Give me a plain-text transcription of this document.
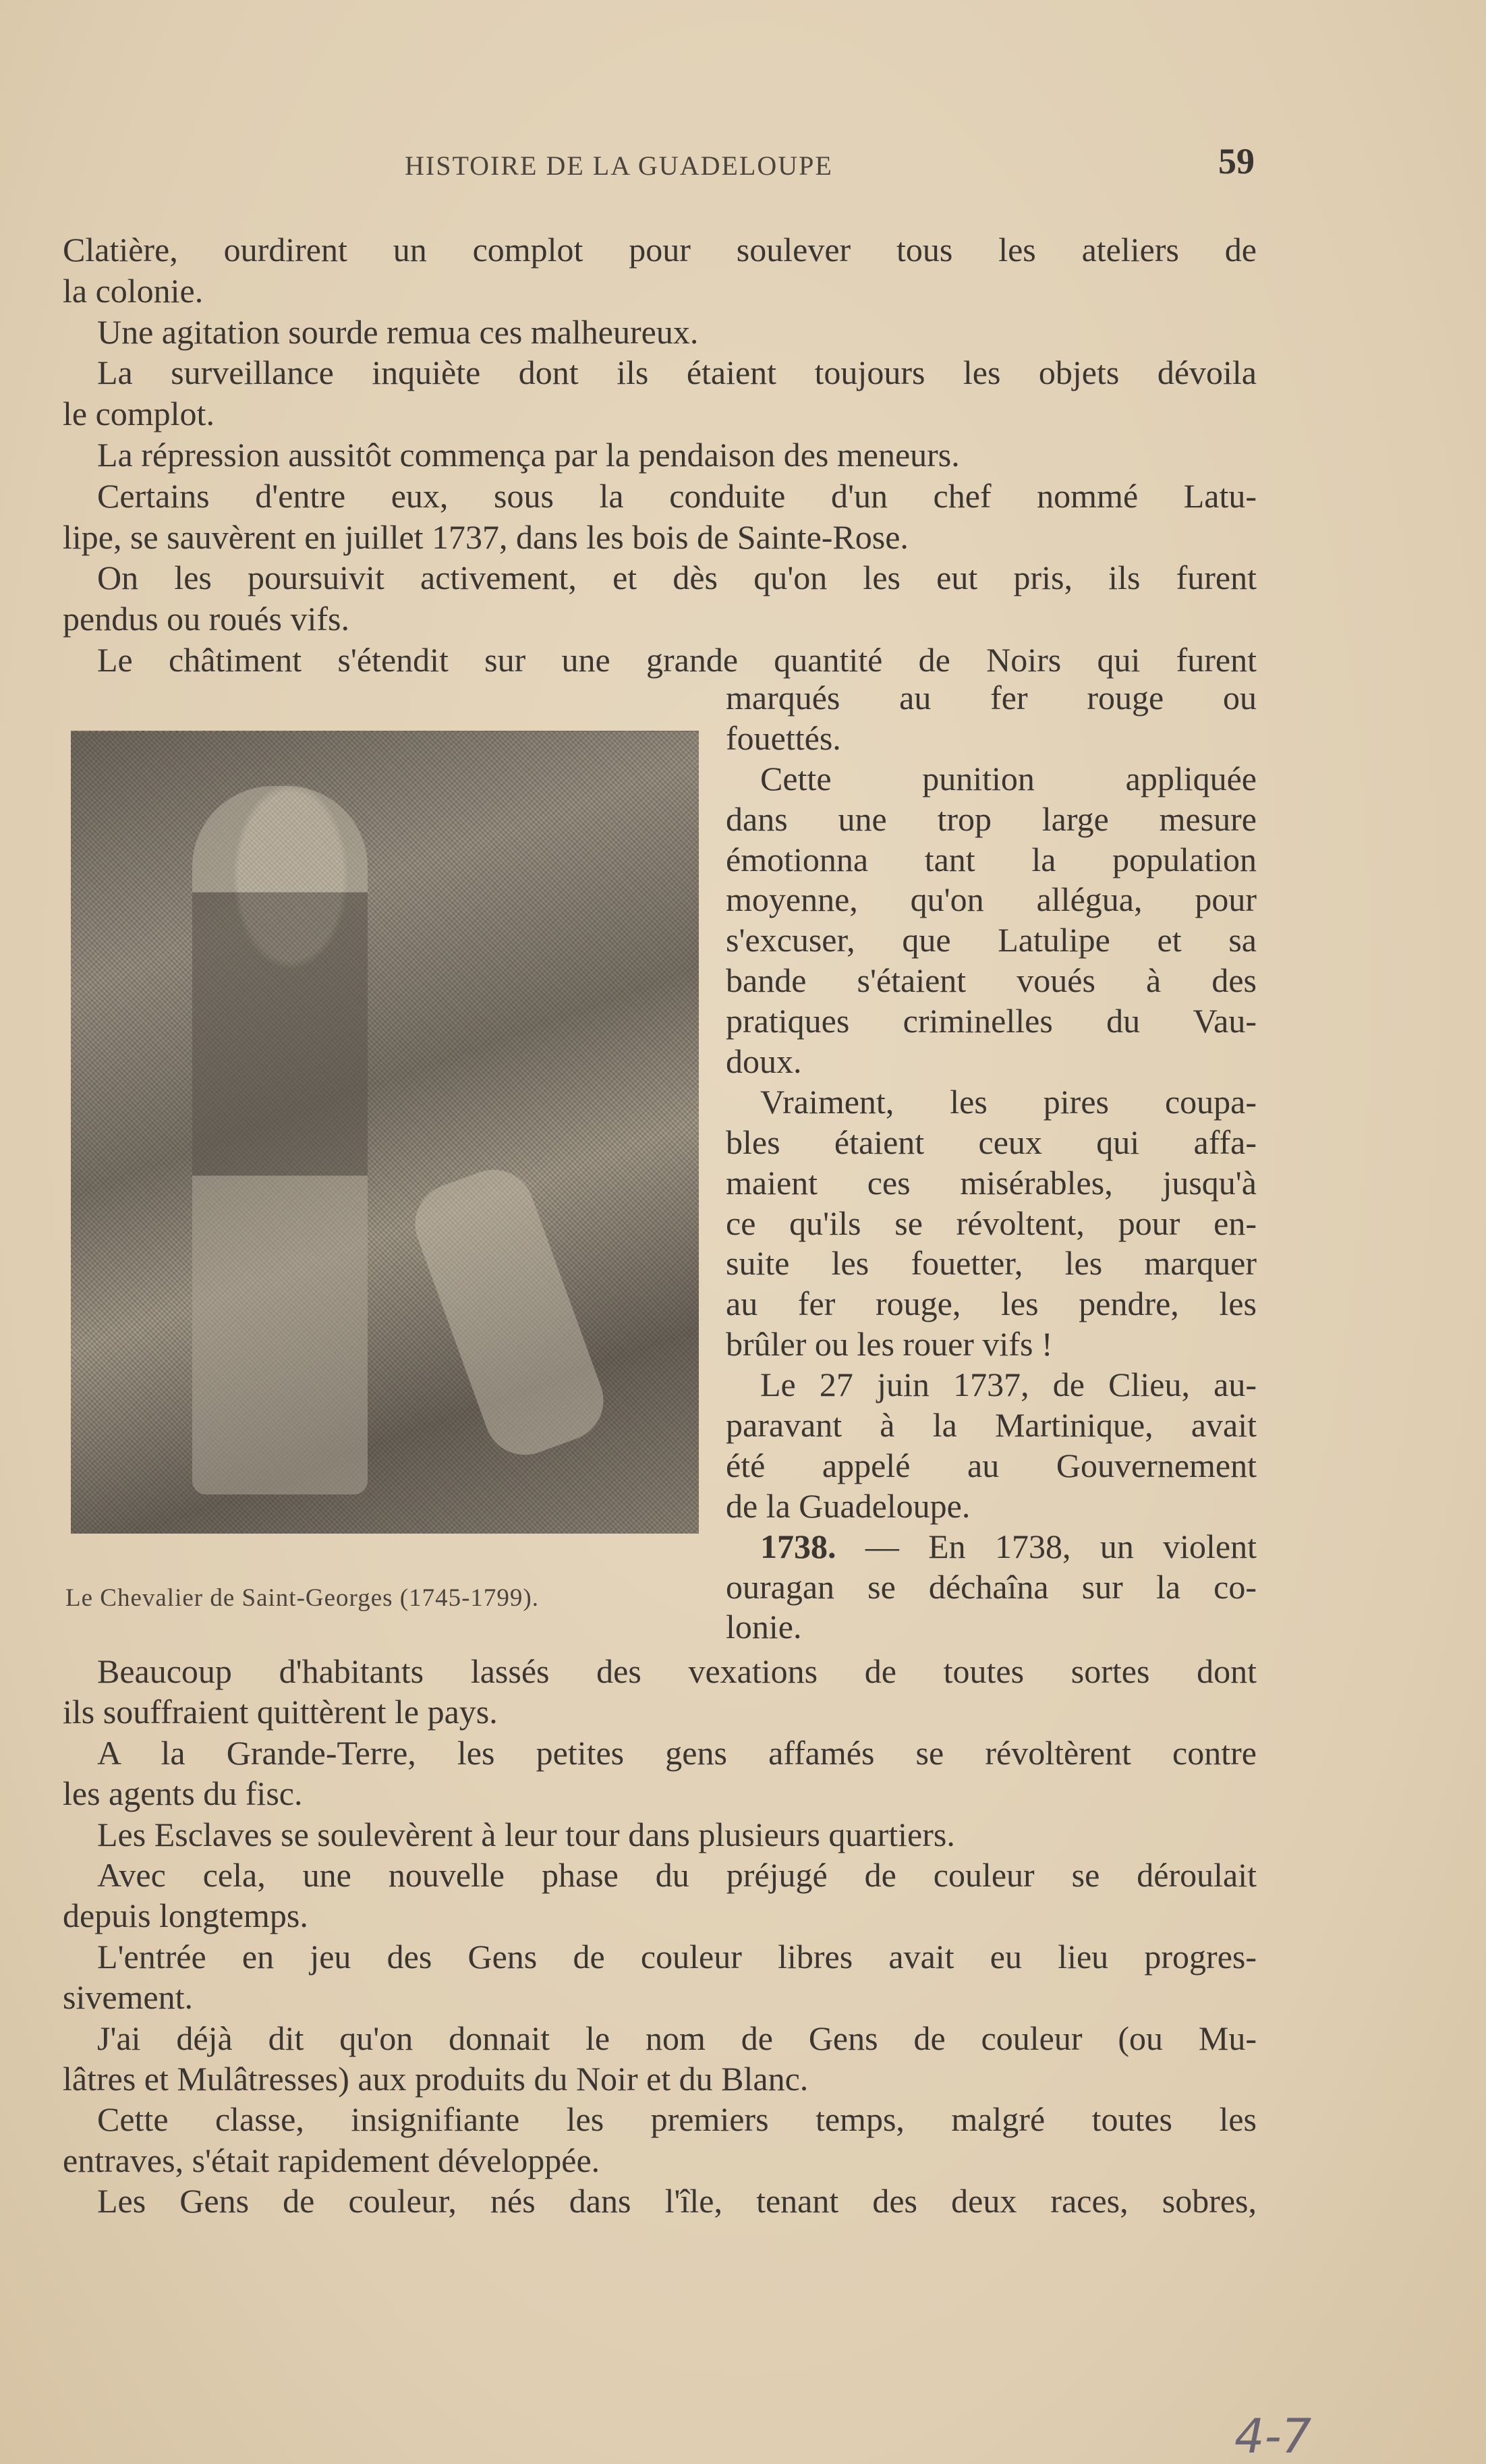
HISTOIRE DE LA GUADELOUPE	59
Clatière, ourdirent un complot pour soulever tous les ateliers de
la colonie.
Une agitation sourde remua ces malheureux.
La surveillance inquiète dont ils étaient toujours les objets dévoila
le complot.
La répression aussitôt commença par la pendaison des meneurs.
Certains d'entre eux, sous la conduite d'un chef nommé Latu-
lipe, se sauvèrent en juillet 1737, dans les bois de Sainte-Rose.
On les poursuivit activement, et dès qu'on les eut pris, ils furent
pendus ou roués vifs.
Le châtiment s'étendit sur une grande quantité de Noirs qui furent
Le Chevalier de Saint-Georges (1745-1799).
marqués au fer rouge ou
fouettés.
Cette punition appliquée
dans une trop large mesure
émotionna tant la population
moyenne, qu'on allégua, pour
s'excuser, que Latulipe et sa
bande s'étaient voués à des
pratiques criminelles du Vau-
doux.
Vraiment, les pires coupa-
bles étaient ceux qui affa-
maient ces misérables, jusqu'à
ce qu'ils se révoltent, pour en-
suite les fouetter, les marquer
au fer rouge, les pendre, les
brûler ou les rouer vifs !
Le 27 juin 1737, de Clieu, au-
paravant à la Martinique, avait
été appelé au Gouvernement
de la Guadeloupe.
1738. — En 1738, un violent
ouragan se déchaîna sur la co-
lonie.
Beaucoup d'habitants lassés des vexations de toutes sortes dont
ils souffraient quittèrent le pays.
A la Grande-Terre, les petites gens affamés se révoltèrent contre
les agents du fisc.
Les Esclaves se soulevèrent à leur tour dans plusieurs quartiers.
Avec cela, une nouvelle phase du préjugé de couleur se déroulait
depuis longtemps.
L'entrée en jeu des Gens de couleur libres avait eu lieu progres-
sivement.
J'ai déjà dit qu'on donnait le nom de Gens de couleur (ou Mu-
lâtres et Mulâtresses) aux produits du Noir et du Blanc.
Cette classe, insignifiante les premiers temps, malgré toutes les
entraves, s'était rapidement développée.
Les Gens de couleur, nés dans l'île, tenant des deux races, sobres,
4-7
